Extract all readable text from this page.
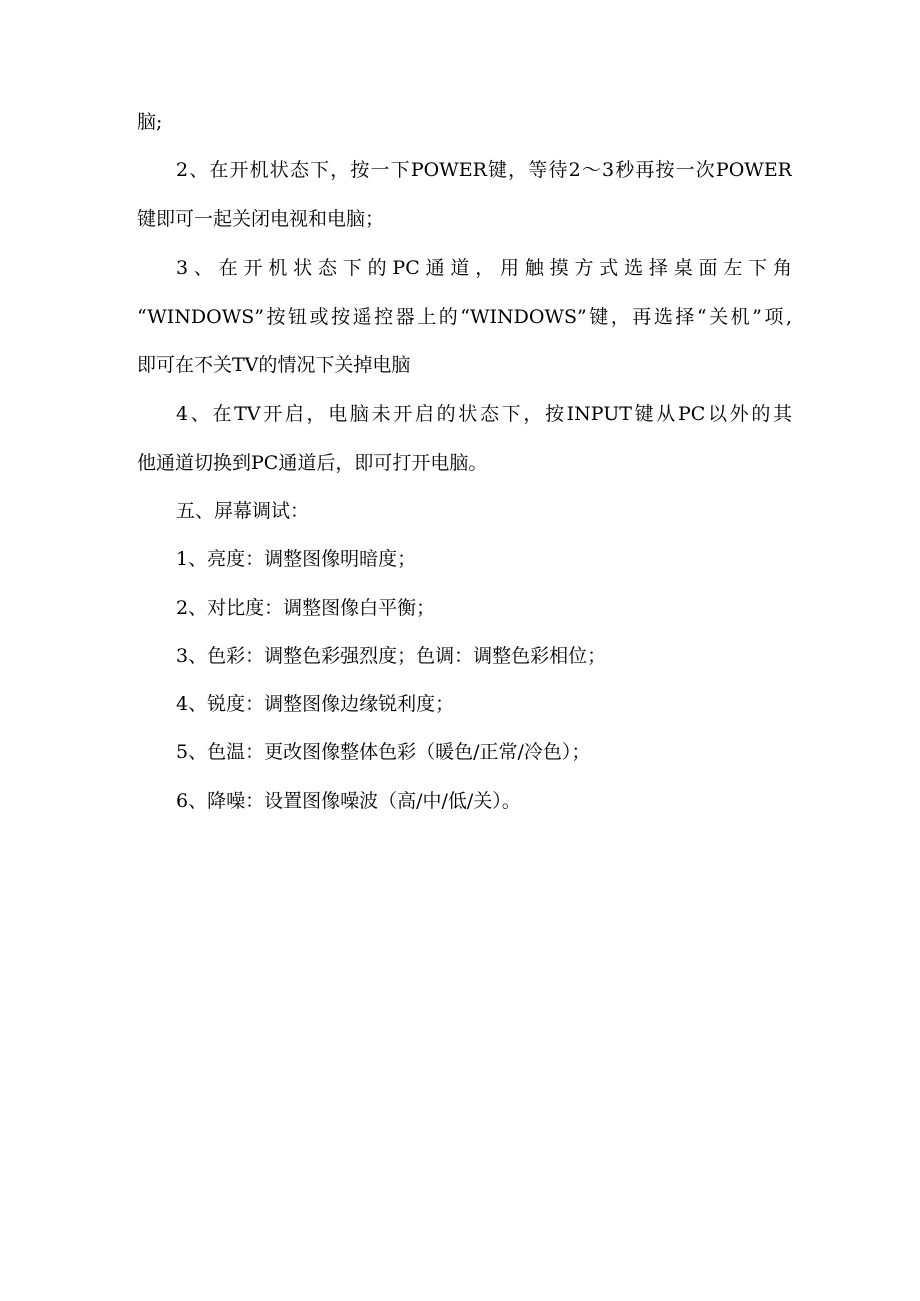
脑;
2、在开机状态下，按一下POWER键，等待2～3秒再按一次POWER
键即可一起关闭电视和电脑；
3、在开机状态下的PC通道，用触摸方式选择桌面左下角
“WINDOWS”按钮或按遥控器上的“WINDOWS”键，再选择“关机”项,
即可在不关TV的情况下关掉电脑
4、在TV开启，电脑未开启的状态下，按INPUT键从PC以外的其
他通道切换到PC通道后，即可打开电脑。
五、屏幕调试：
1、亮度：调整图像明暗度；
2、对比度：调整图像白平衡；
3、色彩：调整色彩强烈度；色调：调整色彩相位；
4、锐度：调整图像边缘锐利度；
5、色温：更改图像整体色彩（暖色/正常/冷色）；
6、降噪：设置图像噪波（高/中/低/关）。
